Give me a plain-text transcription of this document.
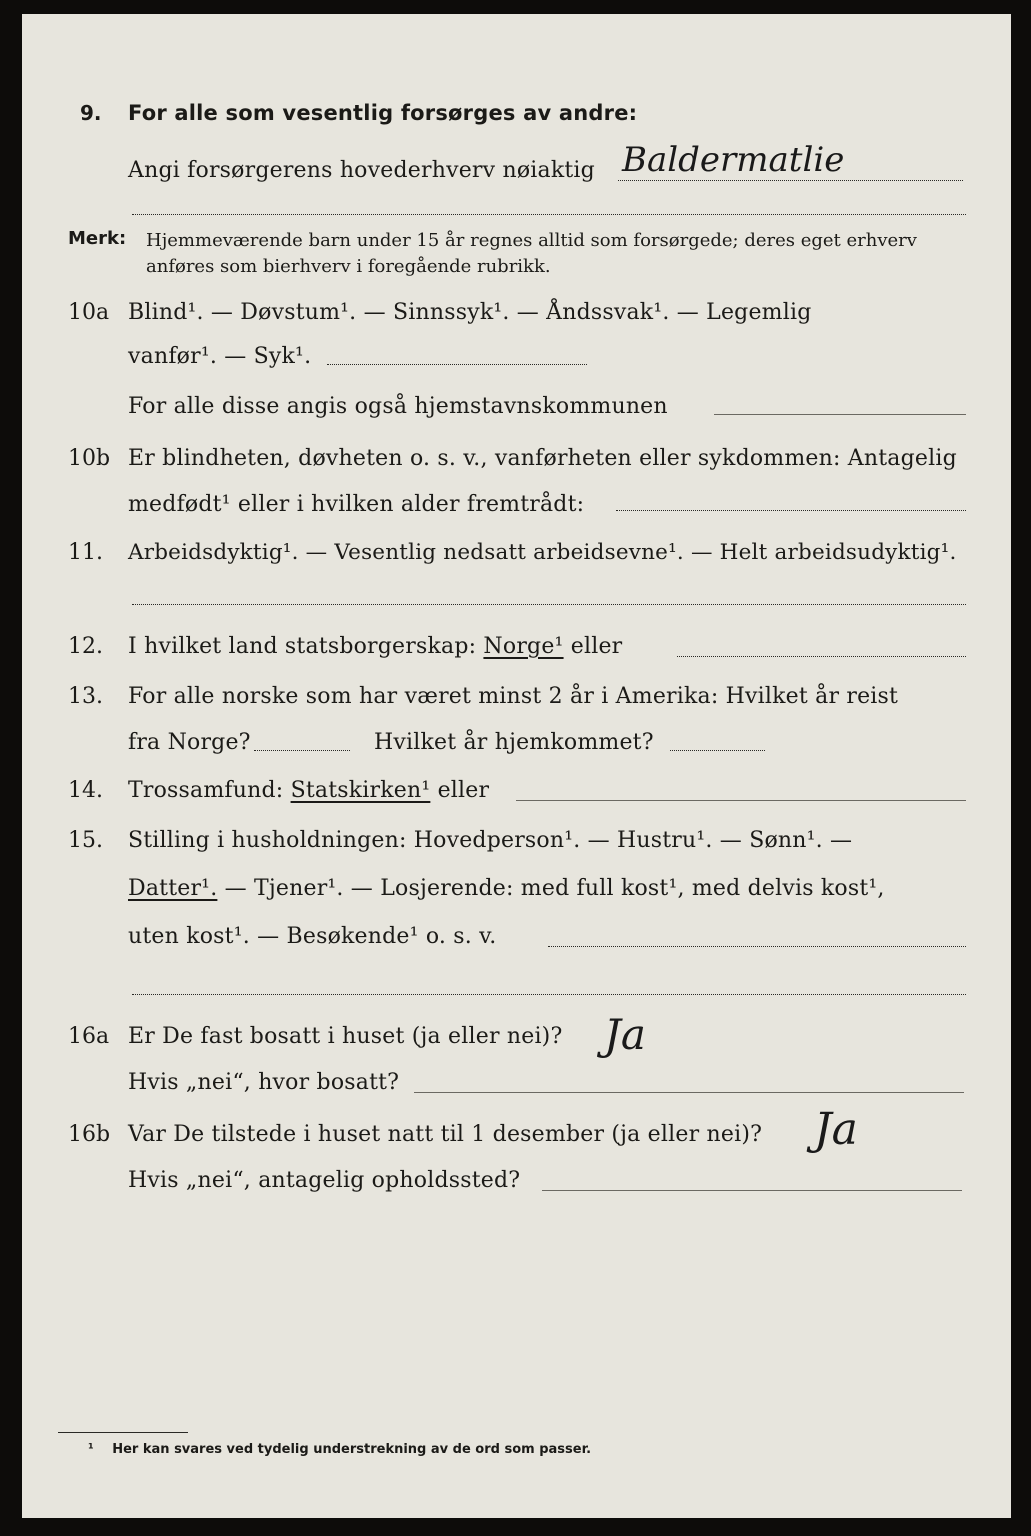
9. For alle som vesentlig forsørges av andre:
Angi forsørgerens hovederhverv nøiaktig Baldermatlie
Merk: Hjemmeværende barn under 15 år regnes alltid som forsørgede; deres eget erhverv
anføres som bierhverv i foregående rubrikk.
10a Blind¹. — Døvstum¹. — Sinnssyk¹. — Åndssvak¹. — Legemlig
vanfør¹. — Syk¹.
For alle disse angis også hjemstavnskommunen
10b Er blindheten, døvheten o. s. v., vanførheten eller sykdommen: Antagelig
medfødt¹ eller i hvilken alder fremtrådt:
11. Arbeidsdyktig¹. — Vesentlig nedsatt arbeidsevne¹. — Helt arbeidsudyktig¹.
12. I hvilket land statsborgerskap: Norge¹ eller
13. For alle norske som har været minst 2 år i Amerika: Hvilket år reist
fra Norge?	Hvilket år hjemkommet?
14. Trossamfund: Statskirken¹ eller
15. Stilling i husholdningen: Hovedperson¹. — Hustru¹. — Sønn¹. —
Datter¹. — Tjener¹. — Losjerende: med full kost¹, med delvis kost¹,
uten kost¹. — Besøkende¹ o. s. v.
16a Er De fast bosatt i huset (ja eller nei)? Ja
Hvis „nei“, hvor bosatt?
16b Var De tilstede i huset natt til 1 desember (ja eller nei)? Ja
Hvis „nei“, antagelig opholdssted?
¹ Her kan svares ved tydelig understrekning av de ord som passer.
